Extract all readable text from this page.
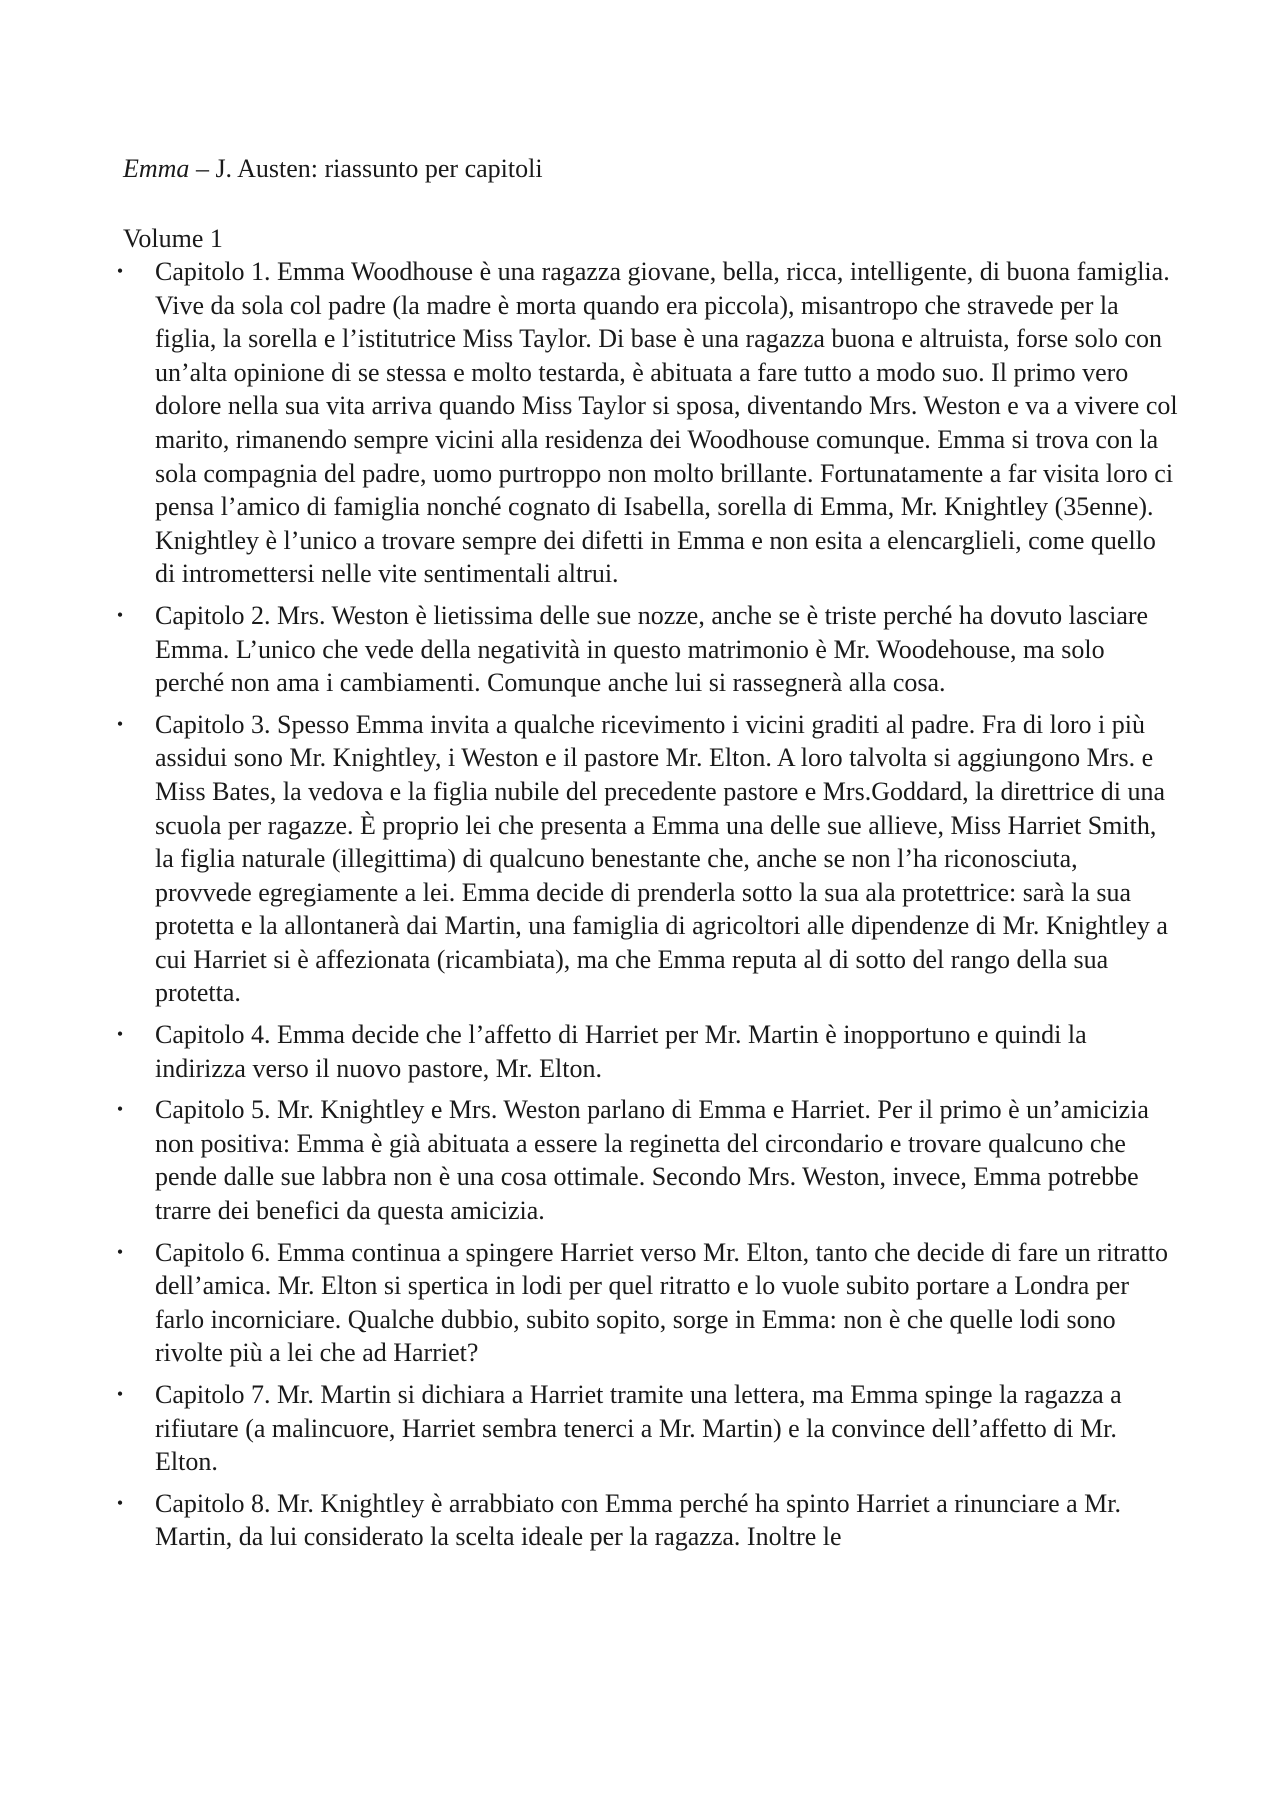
Emma – J. Austen: riassunto per capitoli
Volume 1
• Capitolo 1. Emma Woodhouse è una ragazza giovane, bella, ricca, intelligente, di buona famiglia. Vive da sola col padre (la madre è morta quando era piccola), misantropo che stravede per la figlia, la sorella e l’istitutrice Miss Taylor. Di base è una ragazza buona e altruista, forse solo con un’alta opinione di se stessa e molto testarda, è abituata a fare tutto a modo suo. Il primo vero dolore nella sua vita arriva quando Miss Taylor si sposa, diventando Mrs. Weston e va a vivere col marito, rimanendo sempre vicini alla residenza dei Woodhouse comunque. Emma si trova con la sola compagnia del padre, uomo purtroppo non molto brillante. Fortunatamente a far visita loro ci pensa l’amico di famiglia nonché cognato di Isabella, sorella di Emma, Mr. Knightley (35enne). Knightley è l’unico a trovare sempre dei difetti in Emma e non esita a elencarglieli, come quello di intromettersi nelle vite sentimentali altrui.
• Capitolo 2. Mrs. Weston è lietissima delle sue nozze, anche se è triste perché ha dovuto lasciare Emma. L’unico che vede della negatività in questo matrimonio è Mr. Woodehouse, ma solo perché non ama i cambiamenti. Comunque anche lui si rassegnerà alla cosa.
• Capitolo 3. Spesso Emma invita a qualche ricevimento i vicini graditi al padre. Fra di loro i più assidui sono Mr. Knightley, i Weston e il pastore Mr. Elton. A loro talvolta si aggiungono Mrs. e Miss Bates, la vedova e la figlia nubile del precedente pastore e Mrs.Goddard, la direttrice di una scuola per ragazze. È proprio lei che presenta a Emma una delle sue allieve, Miss Harriet Smith, la figlia naturale (illegittima) di qualcuno benestante che, anche se non l’ha riconosciuta, provvede egregiamente a lei. Emma decide di prenderla sotto la sua ala protettrice: sarà la sua protetta e la allontanerà dai Martin, una famiglia di agricoltori alle dipendenze di Mr. Knightley a cui Harriet si è affezionata (ricambiata), ma che Emma reputa al di sotto del rango della sua protetta.
• Capitolo 4. Emma decide che l’affetto di Harriet per Mr. Martin è inopportuno e quindi la indirizza verso il nuovo pastore, Mr. Elton.
• Capitolo 5. Mr. Knightley e Mrs. Weston parlano di Emma e Harriet. Per il primo è un’amicizia non positiva: Emma è già abituata a essere la reginetta del circondario e trovare qualcuno che pende dalle sue labbra non è una cosa ottimale. Secondo Mrs. Weston, invece, Emma potrebbe trarre dei benefici da questa amicizia.
• Capitolo 6. Emma continua a spingere Harriet verso Mr. Elton, tanto che decide di fare un ritratto dell’amica. Mr. Elton si spertica in lodi per quel ritratto e lo vuole subito portare a Londra per farlo incorniciare. Qualche dubbio, subito sopito, sorge in Emma: non è che quelle lodi sono rivolte più a lei che ad Harriet?
• Capitolo 7. Mr. Martin si dichiara a Harriet tramite una lettera, ma Emma spinge la ragazza a rifiutare (a malincuore, Harriet sembra tenerci a Mr. Martin) e la convince dell’affetto di Mr. Elton.
• Capitolo 8. Mr. Knightley è arrabbiato con Emma perché ha spinto Harriet a rinunciare a Mr. Martin, da lui considerato la scelta ideale per la ragazza. Inoltre le
